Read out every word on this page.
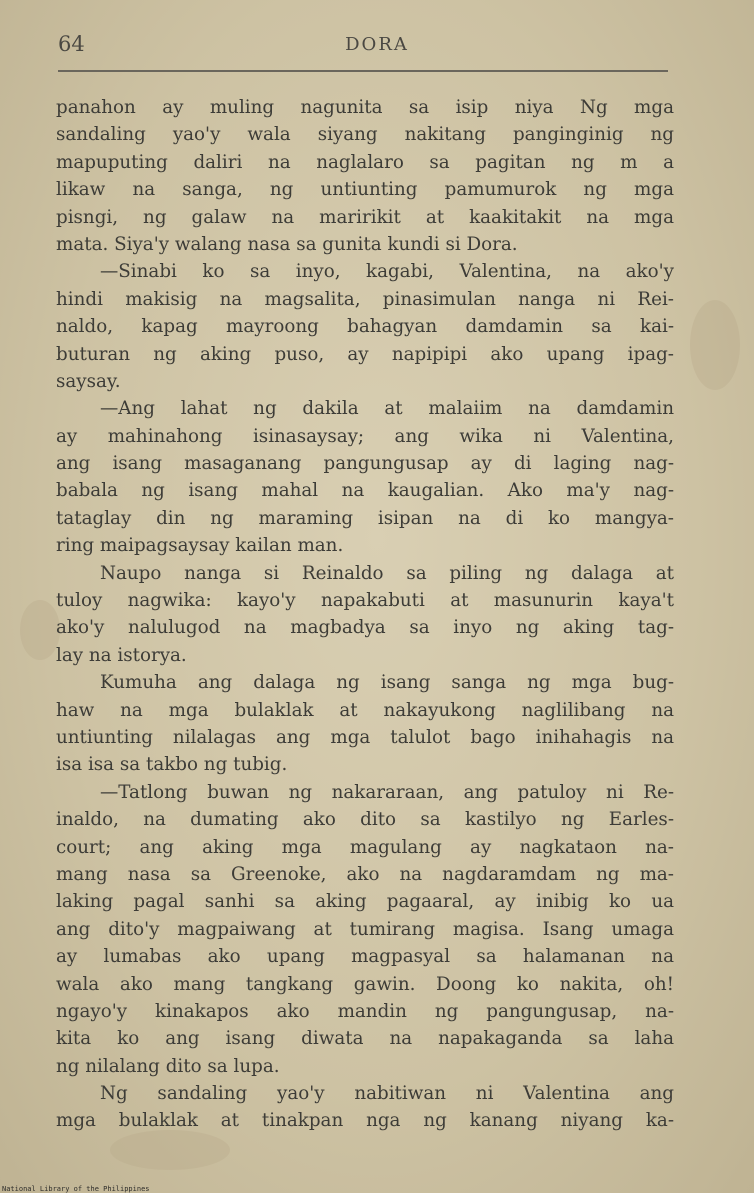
64	DORA
panahon ay muling nagunita sa isip niya Ng mga
sandaling yao'y wala siyang nakitang panginginig ng
mapuputing daliri na naglalaro sa pagitan ng m a
likaw na sanga, ng untiunting pamumurok ng mga
pisngi, ng galaw na maririkit at kaakitakit na mga
mata. Siya'y walang nasa sa gunita kundi si Dora.
—Sinabi ko sa inyo, kagabi, Valentina, na ako'y
hindi makisig na magsalita, pinasimulan nanga ni Rei-
naldo, kapag mayroong bahagyan damdamin sa kai-
buturan ng aking puso, ay napipipi ako upang ipag-
saysay.
—Ang lahat ng dakila at malaiim na damdamin
ay mahinahong isinasaysay; ang wika ni Valentina,
ang isang masaganang pangungusap ay di laging nag-
babala ng isang mahal na kaugalian. Ako ma'y nag-
tataglay din ng maraming isipan na di ko mangya-
ring maipagsaysay kailan man.
Naupo nanga si Reinaldo sa piling ng dalaga at
tuloy nagwika: kayo'y napakabuti at masunurin kaya't
ako'y nalulugod na magbadya sa inyo ng aking tag-
lay na istorya.
Kumuha ang dalaga ng isang sanga ng mga bug-
haw na mga bulaklak at nakayukong naglilibang na
untiunting nilalagas ang mga talulot bago inihahagis na
isa isa sa takbo ng tubig.
—Tatlong buwan ng nakararaan, ang patuloy ni Re-
inaldo, na dumating ako dito sa kastilyo ng Earles-
court; ang aking mga magulang ay nagkataon na-
mang nasa sa Greenoke, ako na nagdaramdam ng ma-
laking pagal sanhi sa aking pagaaral, ay inibig ko ua
ang dito'y magpaiwang at tumirang magisa. Isang umaga
ay lumabas ako upang magpasyal sa halamanan na
wala ako mang tangkang gawin. Doong ko nakita, oh!
ngayo'y kinakapos ako mandin ng pangungusap, na-
kita ko ang isang diwata na napakaganda sa laha
ng nilalang dito sa lupa.
Ng sandaling yao'y nabitiwan ni Valentina ang
mga bulaklak at tinakpan nga ng kanang niyang ka-
National Library of the Philippines
